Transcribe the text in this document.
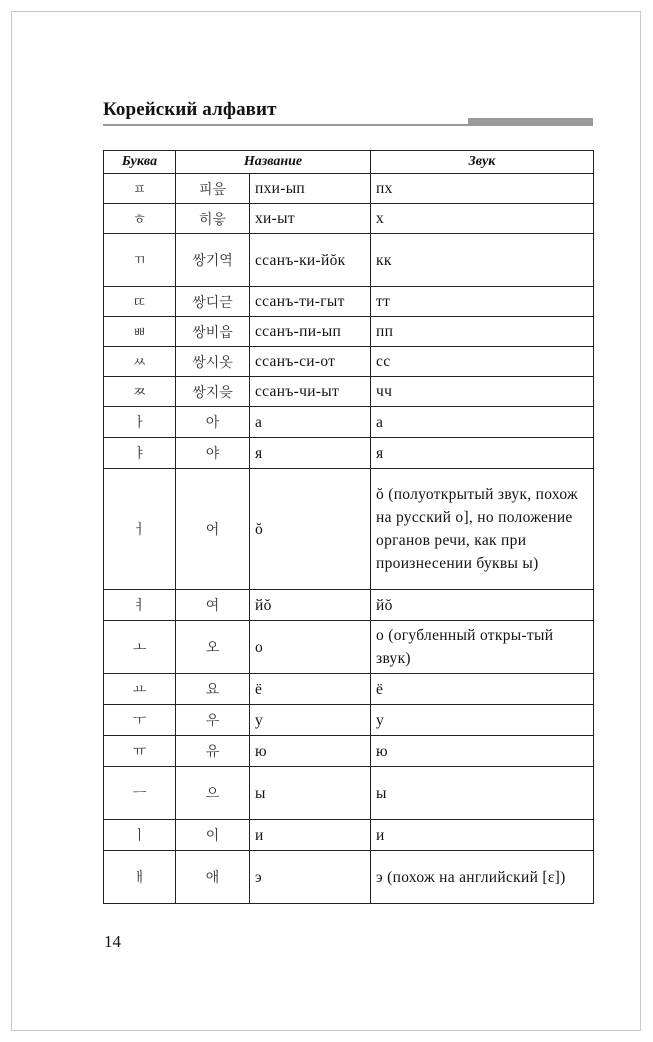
Корейский алфавит
Буква	Название		Звук
ㅍ	피읖	пхи-ып	пх
ㅎ	히읗	хи-ыт	х
ㄲ	쌍기역	ссанъ-ки-йŏк	кк
ㄸ	쌍디귿	ссанъ-ти-гыт	тт
ㅃ	쌍비읍	ссанъ-пи-ып	пп
ㅆ	쌍시옷	ссанъ-си-от	сс
ㅉ	쌍지읒	ссанъ-чи-ыт	чч
ㅏ	아	а	а
ㅑ	야	я	я
ㅓ	어	ŏ	ŏ (полуоткрытый звук, похож на русский о], но положение органов речи, как при произнесении буквы ы)
ㅕ	여	йŏ	йŏ
ㅗ	오	о	о (огубленный откры-тый звук)
ㅛ	요	ё	ё
ㅜ	우	у	у
ㅠ	유	ю	ю
ㅡ	으	ы	ы
ㅣ	이	и	и
ㅐ	애	э	э (похож на английский [ɛ])
14
